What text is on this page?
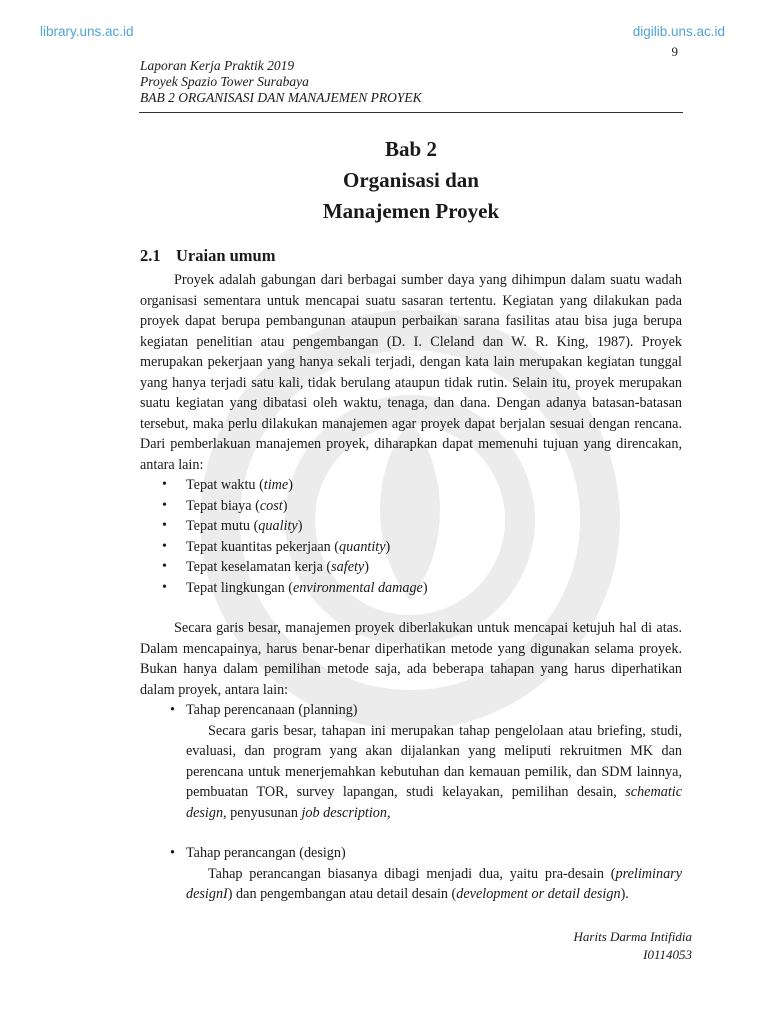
library.uns.ac.id	digilib.uns.ac.id
9
Laporan Kerja Praktik 2019
Proyek Spazio Tower Surabaya
BAB 2 ORGANISASI DAN MANAJEMEN PROYEK
Bab 2
Organisasi dan
Manajemen Proyek
2.1 Uraian umum

Proyek adalah gabungan dari berbagai sumber daya yang dihimpun dalam suatu wadah organisasi sementara untuk mencapai suatu sasaran tertentu. Kegiatan yang dilakukan pada proyek dapat berupa pembangunan ataupun perbaikan sarana fasilitas atau bisa juga berupa kegiatan penelitian atau pengembangan (D. I. Cleland dan W. R. King, 1987). Proyek merupakan pekerjaan yang hanya sekali terjadi, dengan kata lain merupakan kegiatan tunggal yang hanya terjadi satu kali, tidak berulang ataupun tidak rutin. Selain itu, proyek merupakan suatu kegiatan yang dibatasi oleh waktu, tenaga, dan dana. Dengan adanya batasan-batasan tersebut, maka perlu dilakukan manajemen agar proyek dapat berjalan sesuai dengan rencana. Dari pemberlakuan manajemen proyek, diharapkan dapat memenuhi tujuan yang direncakan, antara lain:

• Tepat waktu (time)
• Tepat biaya (cost)
• Tepat mutu (quality)
• Tepat kuantitas pekerjaan (quantity)
• Tepat keselamatan kerja (safety)
• Tepat lingkungan (environmental damage)

Secara garis besar, manajemen proyek diberlakukan untuk mencapai ketujuh hal di atas. Dalam mencapainya, harus benar-benar diperhatikan metode yang digunakan selama proyek. Bukan hanya dalam pemilihan metode saja, ada beberapa tahapan yang harus diperhatikan dalam proyek, antara lain:

• Tahap perencanaan (planning)
Secara garis besar, tahapan ini merupakan tahap pengelolaan atau briefing, studi, evaluasi, dan program yang akan dijalankan yang meliputi rekruitmen MK dan perencana untuk menerjemahkan kebutuhan dan kemauan pemilik, dan SDM lainnya, pembuatan TOR, survey lapangan, studi kelayakan, pemilihan desain, schematic design, penyusunan job description,
• Tahap perancangan (design)
Tahap perancangan biasanya dibagi menjadi dua, yaitu pra-desain (preliminary designI) dan pengembangan atau detail desain (development or detail design).
Harits Darma Intifidia
I0114053
